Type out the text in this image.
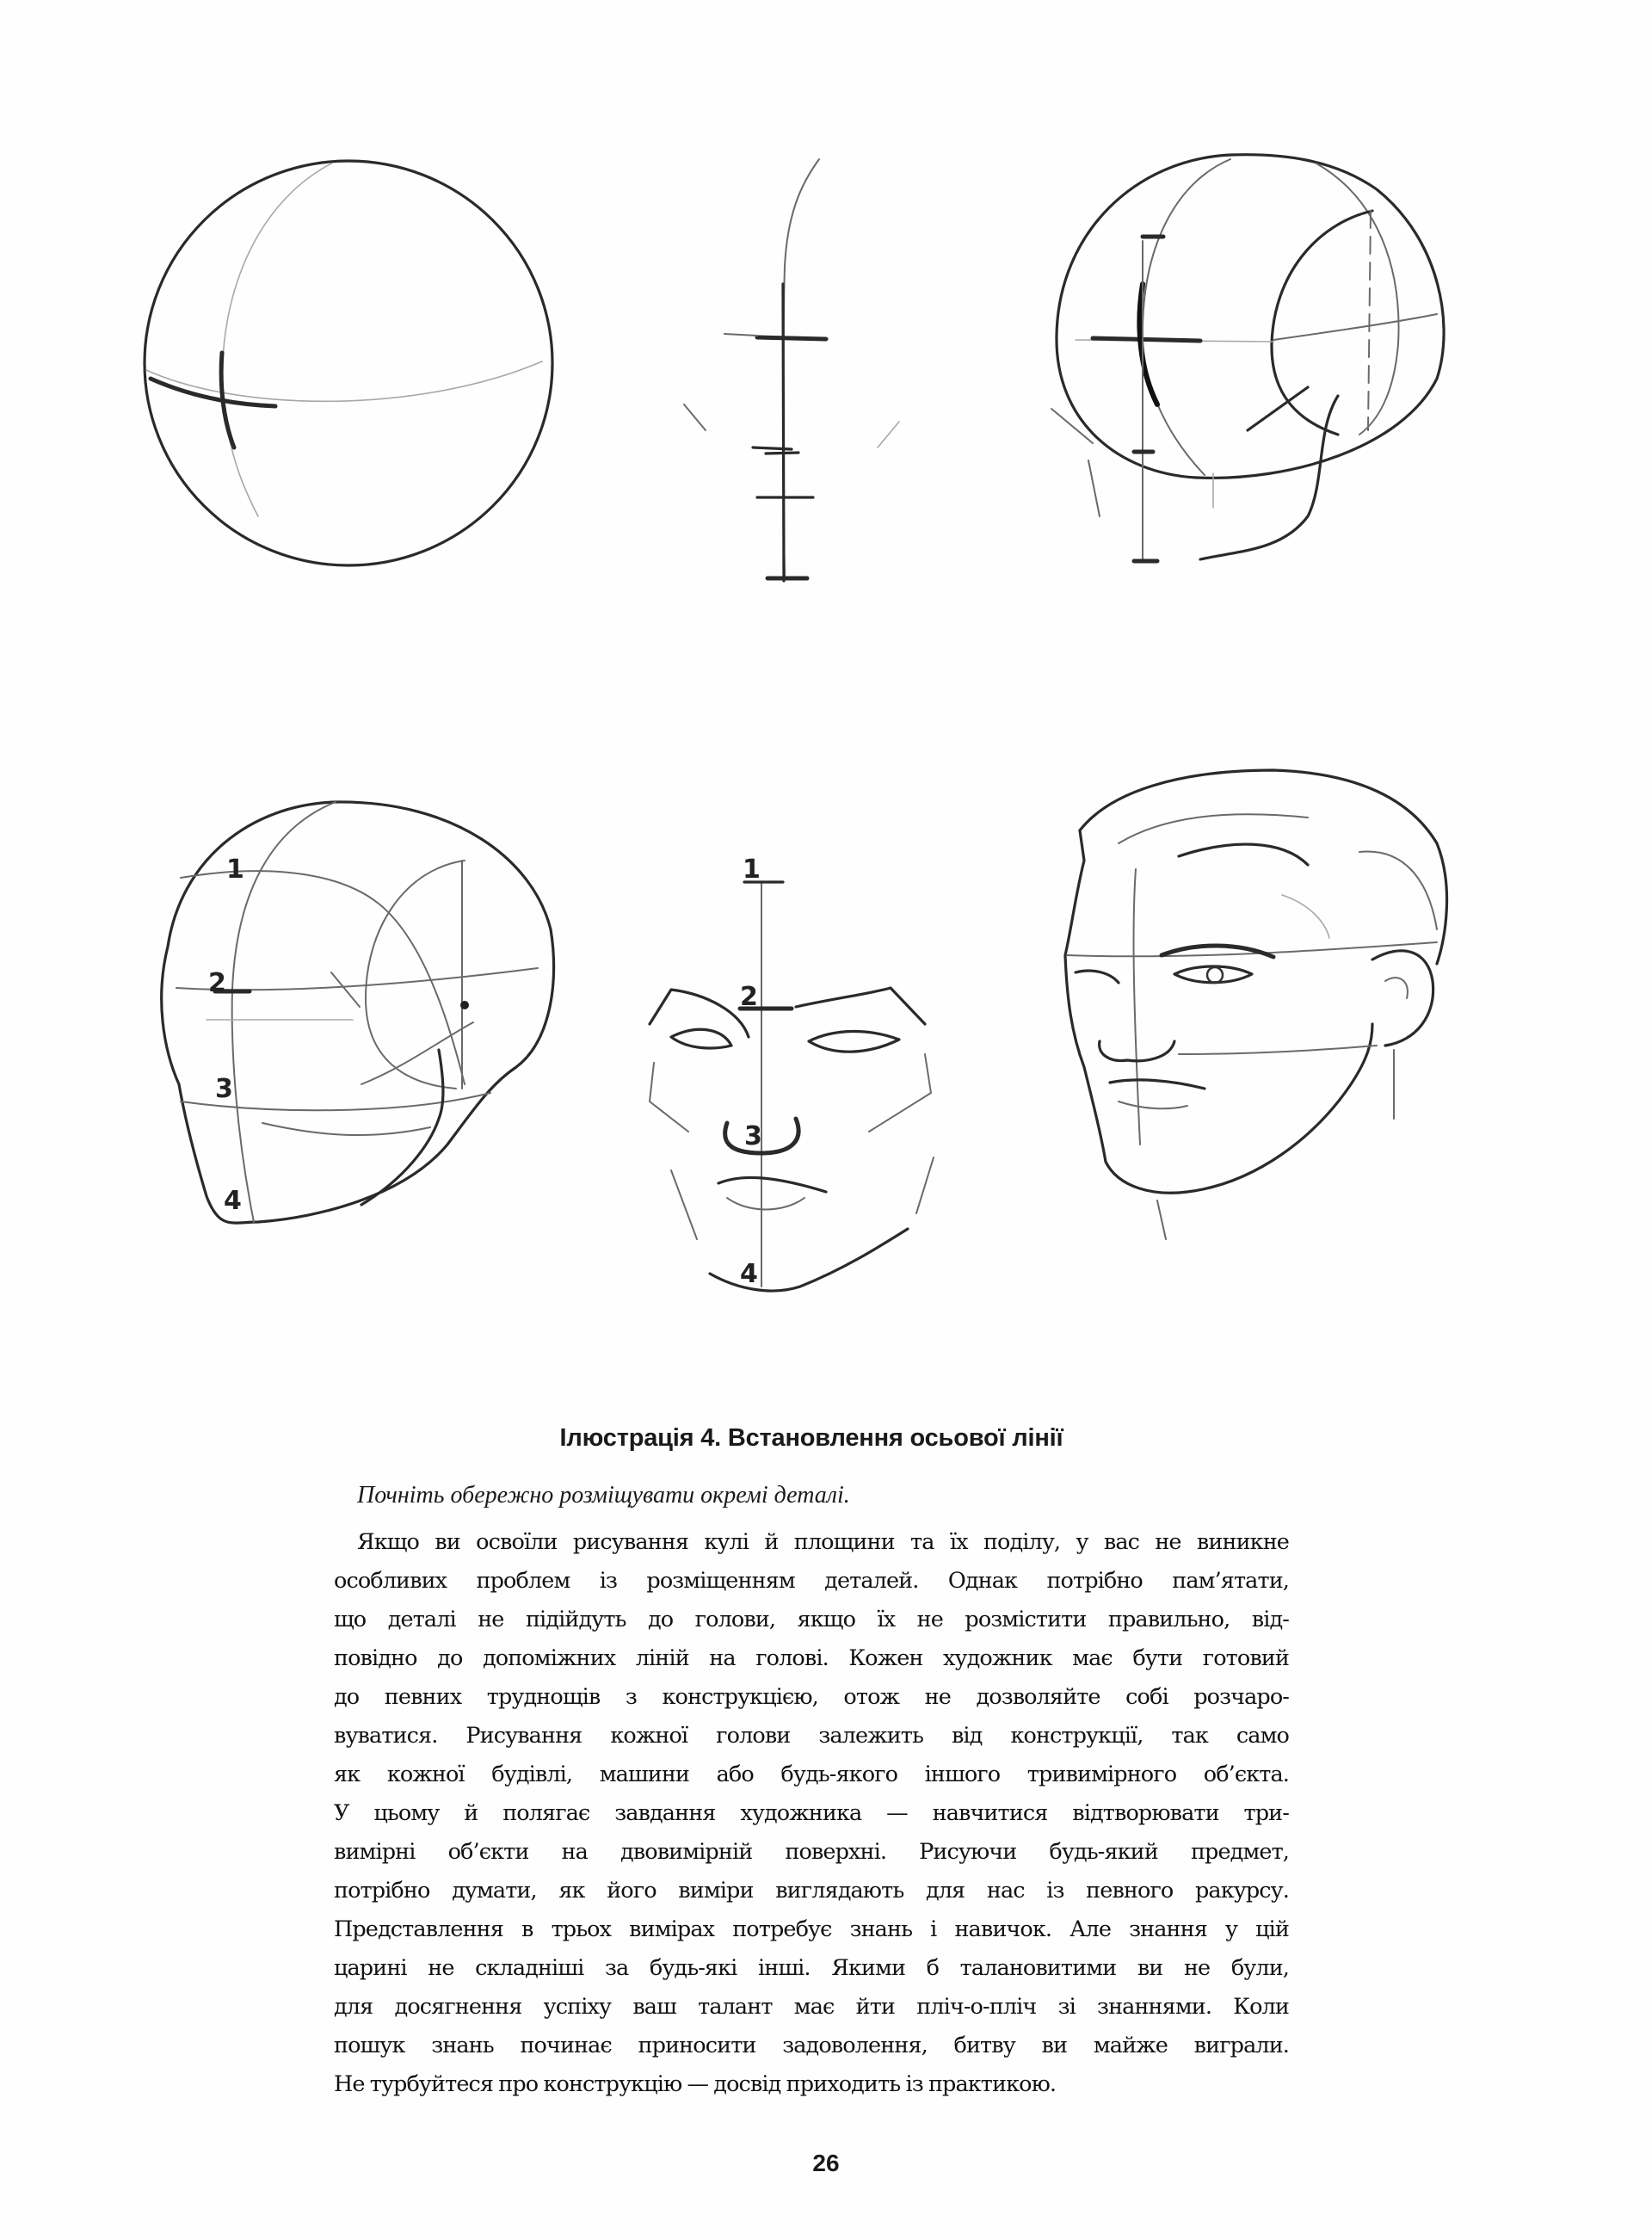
1
2
3
4
1
2
3
4
Ілюстрація 4. Встановлення осьової лінії
Почніть обережно розміщувати окремі деталі.
Якщо ви освоїли рисування кулі й площини та їх поділу, у вас не виникне
особливих проблем із розміщенням деталей. Однак потрібно пам’ятати,
що деталі не підійдуть до голови, якщо їх не розмістити правильно, від-
повідно до допоміжних ліній на голові. Кожен художник має бути готовий
до певних труднощів з конструкцією, отож не дозволяйте собі розчаро-
вуватися. Рисування кожної голови залежить від конструкції, так само
як кожної будівлі, машини або будь-якого іншого тривимірного об’єкта.
У цьому й полягає завдання художника — навчитися відтворювати три-
вимірні об’єкти на двовимірній поверхні. Рисуючи будь-який предмет,
потрібно думати, як його виміри виглядають для нас із певного ракурсу.
Представлення в трьох вимірах потребує знань і навичок. Але знання у цій
царині не складніші за будь-які інші. Якими б талановитими ви не були,
для досягнення успіху ваш талант має йти пліч-о-пліч зі знаннями. Коли
пошук знань починає приносити задоволення, битву ви майже виграли.
Не турбуйтеся про конструкцію — досвід приходить із практикою.
26
